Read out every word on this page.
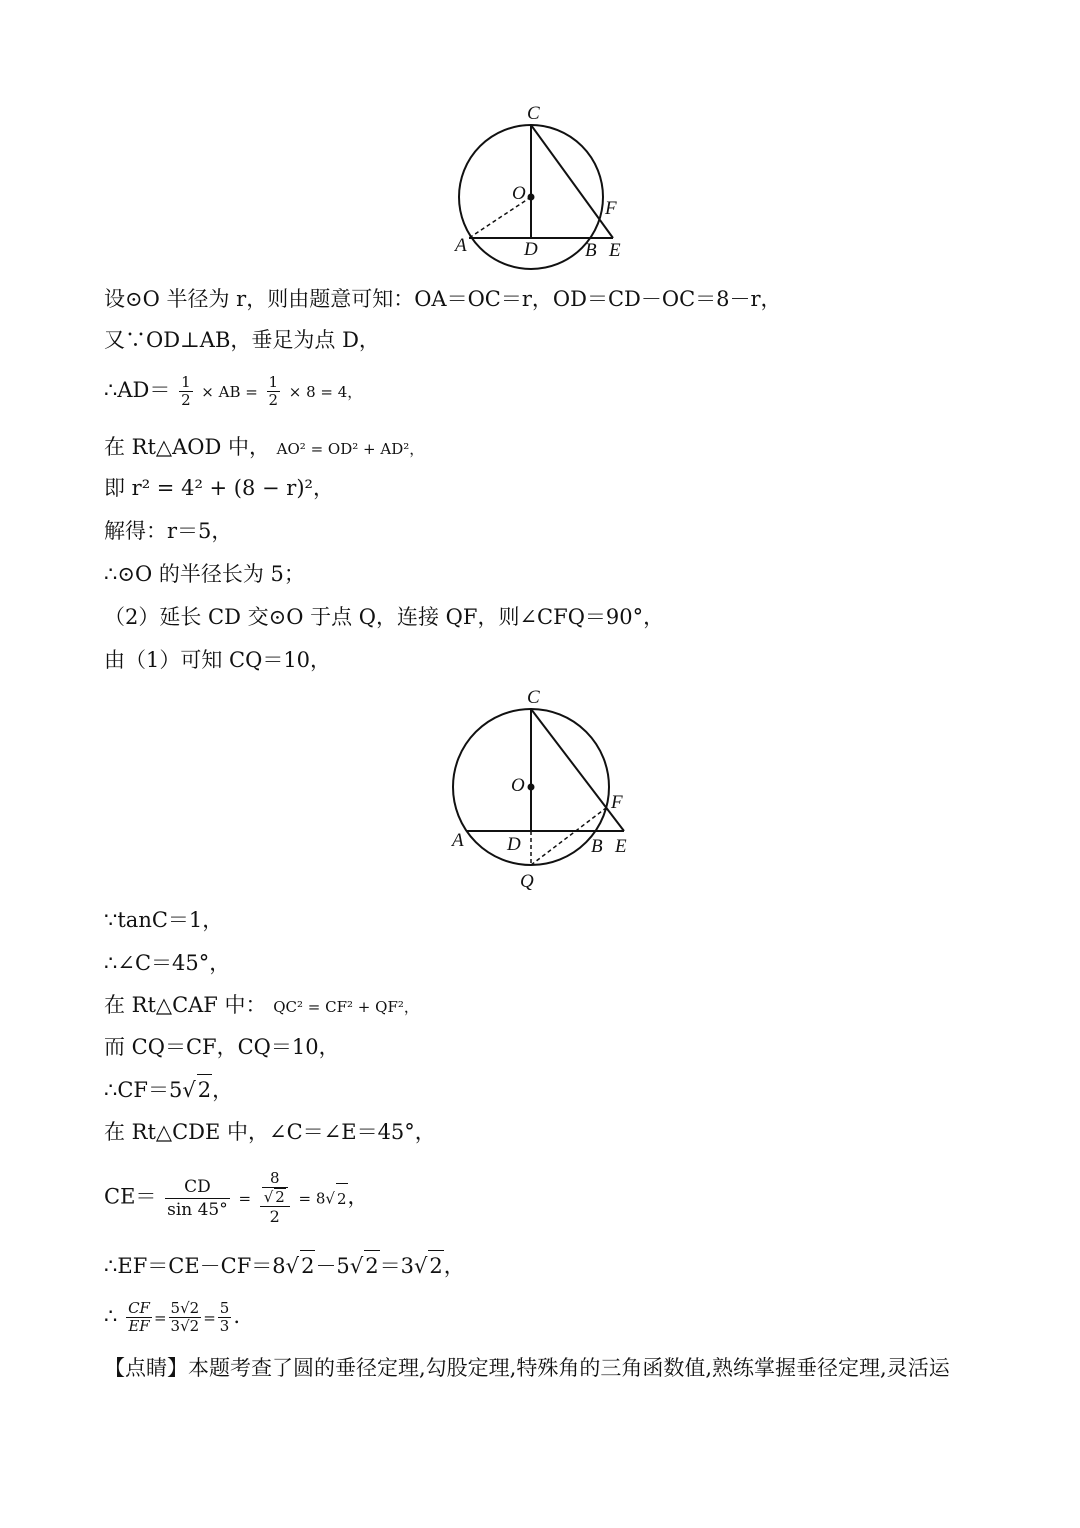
C
O
F
A	D B E
设⊙O 半径为 r，则由题意可知：OA＝OC＝r，OD＝CD－OC＝8－r，
又∵OD⊥AB，垂足为点 D，
∴AD＝ $\frac{1}{2}$ × AB = $\frac{1}{2} \times 8 = 4$，
在 Rt△AOD 中， AO² = OD² + AD²，
即 r² = 4² + (8 − r)²，
解得：r＝5，
∴⊙O 的半径长为 5；
（2）延长 CD 交⊙O 于点 Q，连接 QF，则∠CFQ＝90°，
由（1）可知 CQ＝10，
C
O
F
A D	B E
Q
∵tanC＝1，
∴∠C＝45°，
在 Rt△CAF 中： QC² = CF² + QF²，
而 CQ＝CF，CQ＝10，
∴CF＝5√2，
在 Rt△CDE 中，∠C＝∠E＝45°，
$CE= \frac{CD}{\sin 45^\circ} = \frac{\frac{8}{√ 2}}{2} = 8√$ 2，
∴EF＝CE－CF＝8√2－5√2＝3√2，
∴ $\frac{CF}{EF} = \frac{5√2}{3√2} = \frac{5}{3}$ .
【点睛】本题考查了圆的垂径定理,勾股定理,特殊角的三角函数值,熟练掌握垂径定理,灵活运
